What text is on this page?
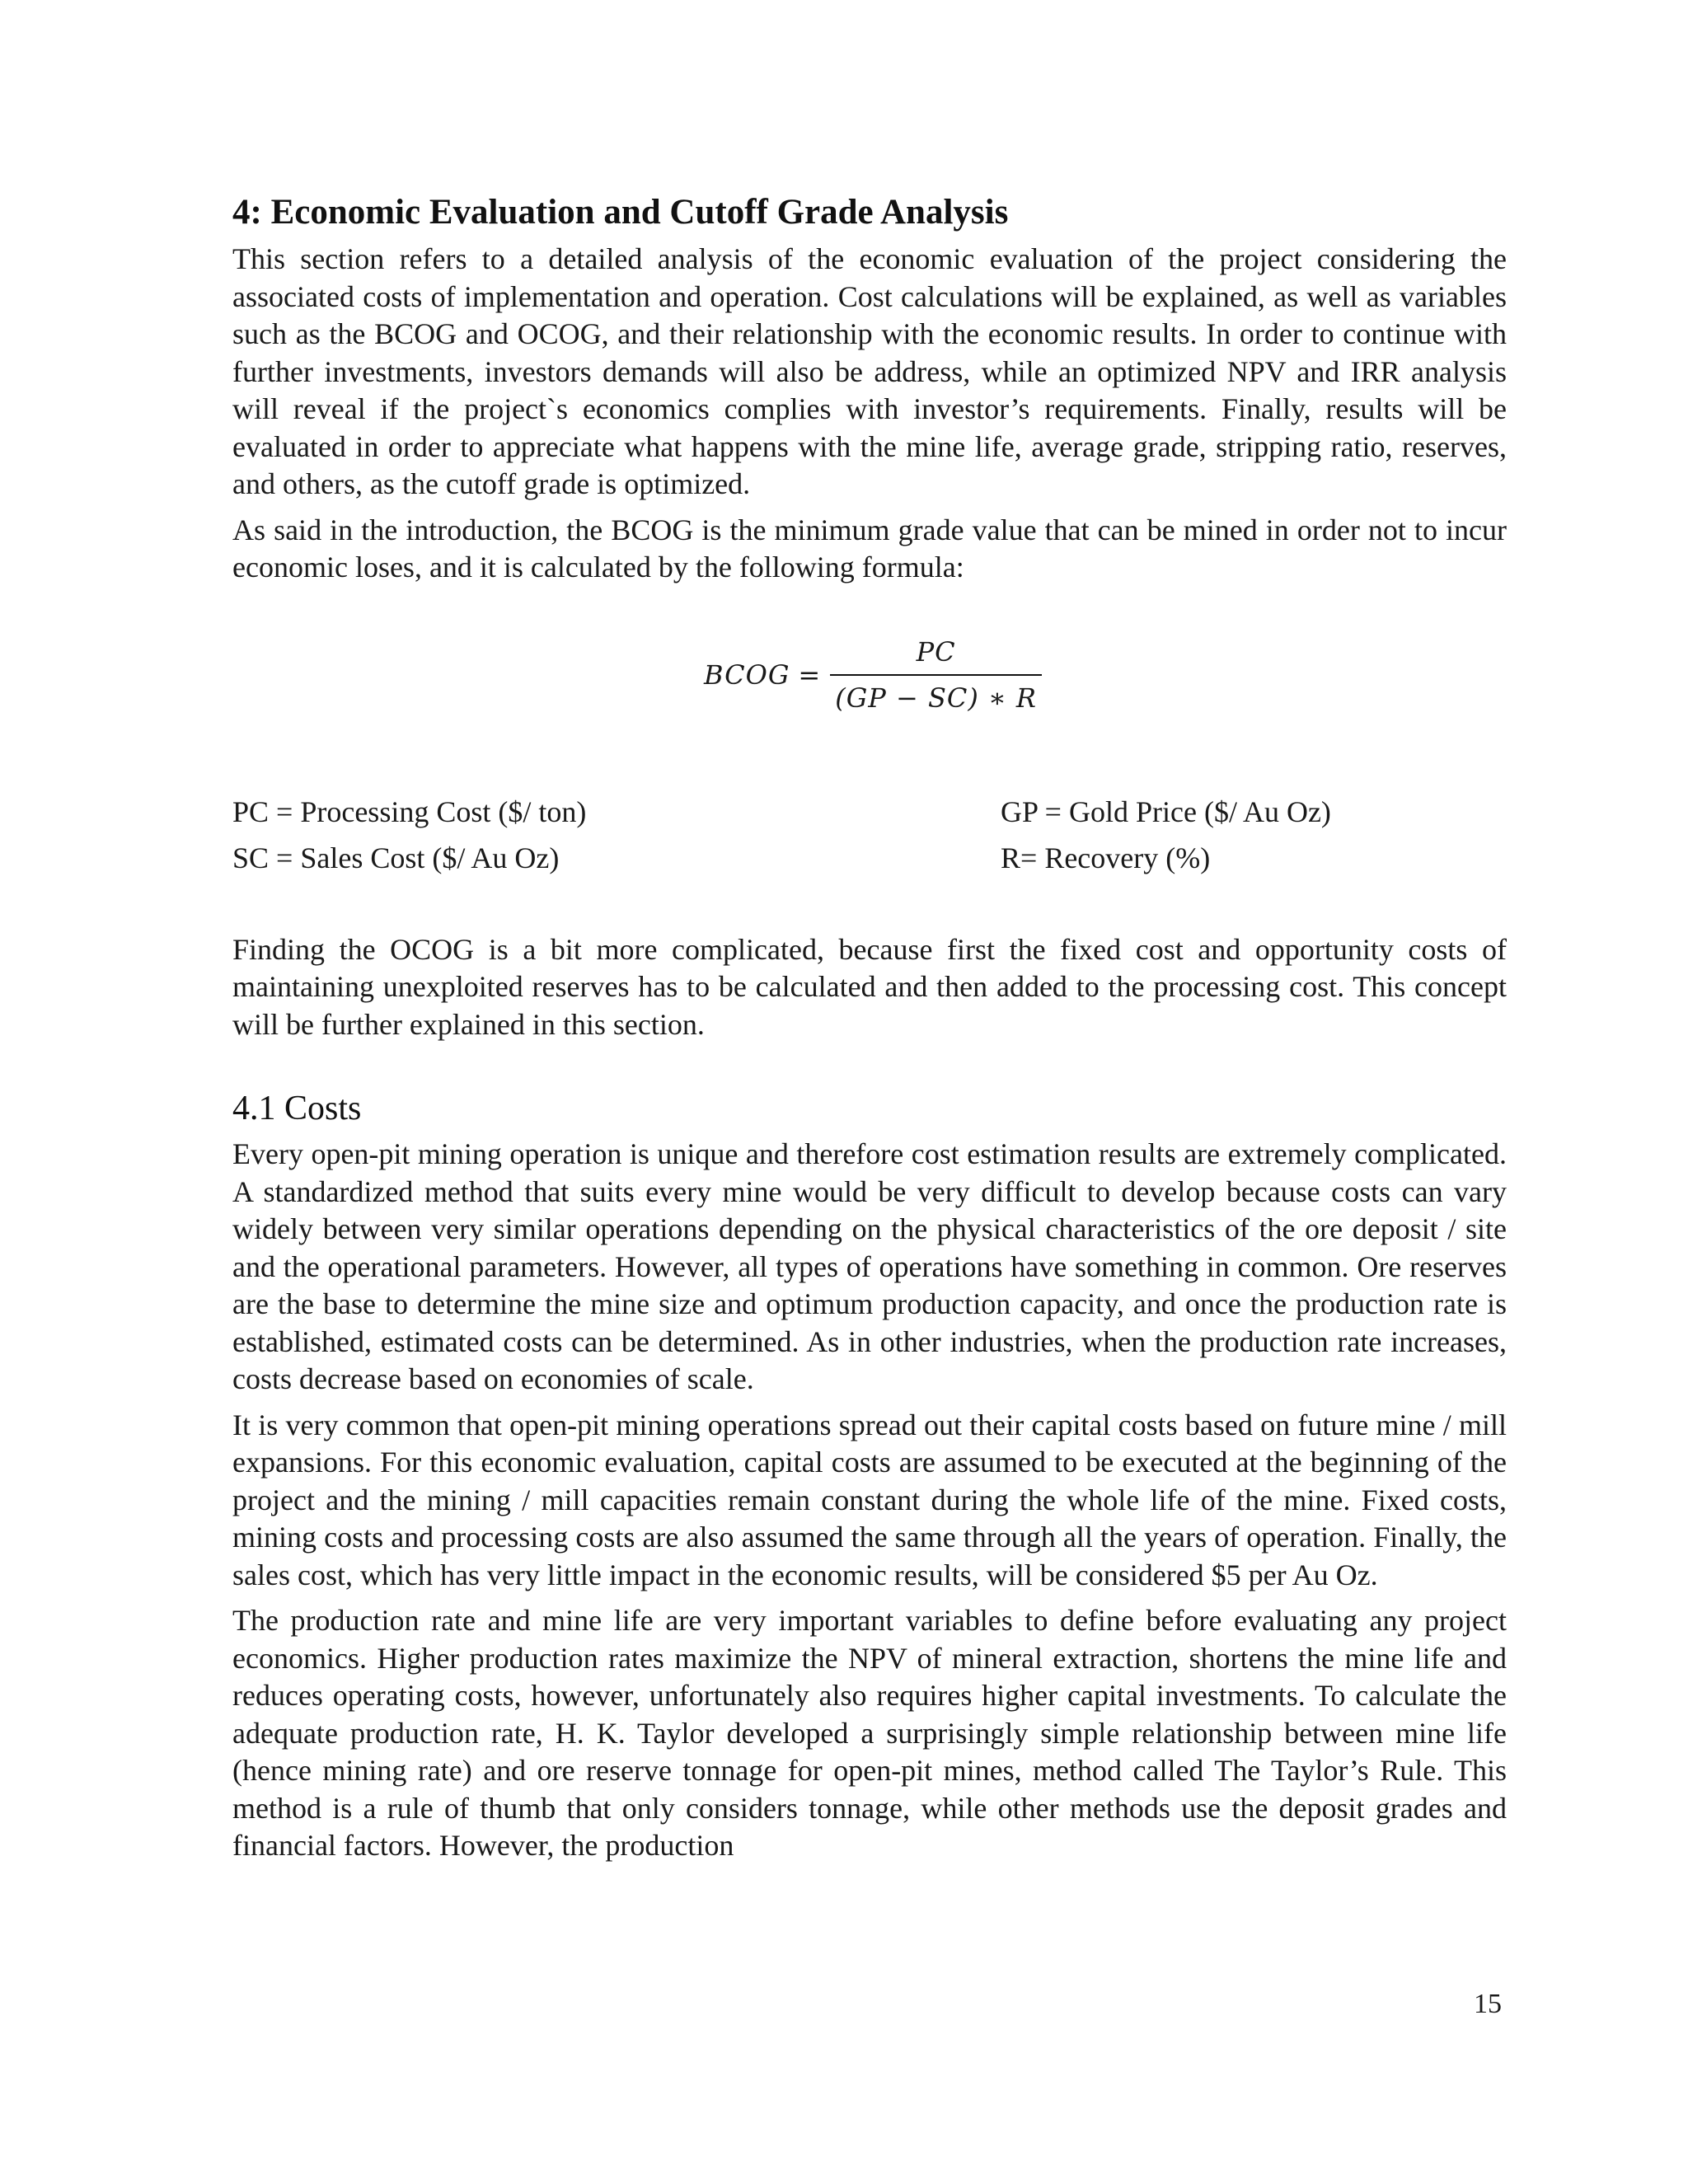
4: Economic Evaluation and Cutoff Grade Analysis

This section refers to a detailed analysis of the economic evaluation of the project considering the associated costs of implementation and operation. Cost calculations will be explained, as well as variables such as the BCOG and OCOG, and their relationship with the economic results. In order to continue with further investments, investors demands will also be address, while an optimized NPV and IRR analysis will reveal if the project`s economics complies with investor’s requirements. Finally, results will be evaluated in order to appreciate what happens with the mine life, average grade, stripping ratio, reserves, and others, as the cutoff grade is optimized.

As said in the introduction, the BCOG is the minimum grade value that can be mined in order not to incur economic loses, and it is calculated by the following formula:

BCOG = $\frac{PC}{(GP - SC) ∗ R}$
PC = Processing Cost ($/ ton)	GP = Gold Price ($/ Au Oz)
SC = Sales Cost ($/ Au Oz)	R= Recovery (%)

Finding the OCOG is a bit more complicated, because first the fixed cost and opportunity costs of maintaining unexploited reserves has to be calculated and then added to the processing cost. This concept will be further explained in this section.

4.1 Costs

Every open-pit mining operation is unique and therefore cost estimation results are extremely complicated. A standardized method that suits every mine would be very difficult to develop because costs can vary widely between very similar operations depending on the physical characteristics of the ore deposit / site and the operational parameters. However, all types of operations have something in common. Ore reserves are the base to determine the mine size and optimum production capacity, and once the production rate is established, estimated costs can be determined. As in other industries, when the production rate increases, costs decrease based on economies of scale.

It is very common that open-pit mining operations spread out their capital costs based on future mine / mill expansions. For this economic evaluation, capital costs are assumed to be executed at the beginning of the project and the mining / mill capacities remain constant during the whole life of the mine. Fixed costs, mining costs and processing costs are also assumed the same through all the years of operation. Finally, the sales cost, which has very little impact in the economic results, will be considered $5 per Au Oz.

The production rate and mine life are very important variables to define before evaluating any project economics. Higher production rates maximize the NPV of mineral extraction, shortens the mine life and reduces operating costs, however, unfortunately also requires higher capital investments. To calculate the adequate production rate, H. K. Taylor developed a surprisingly simple relationship between mine life (hence mining rate) and ore reserve tonnage for open-pit mines, method called The Taylor’s Rule. This method is a rule of thumb that only considers tonnage, while other methods use the deposit grades and financial factors. However, the production

15
